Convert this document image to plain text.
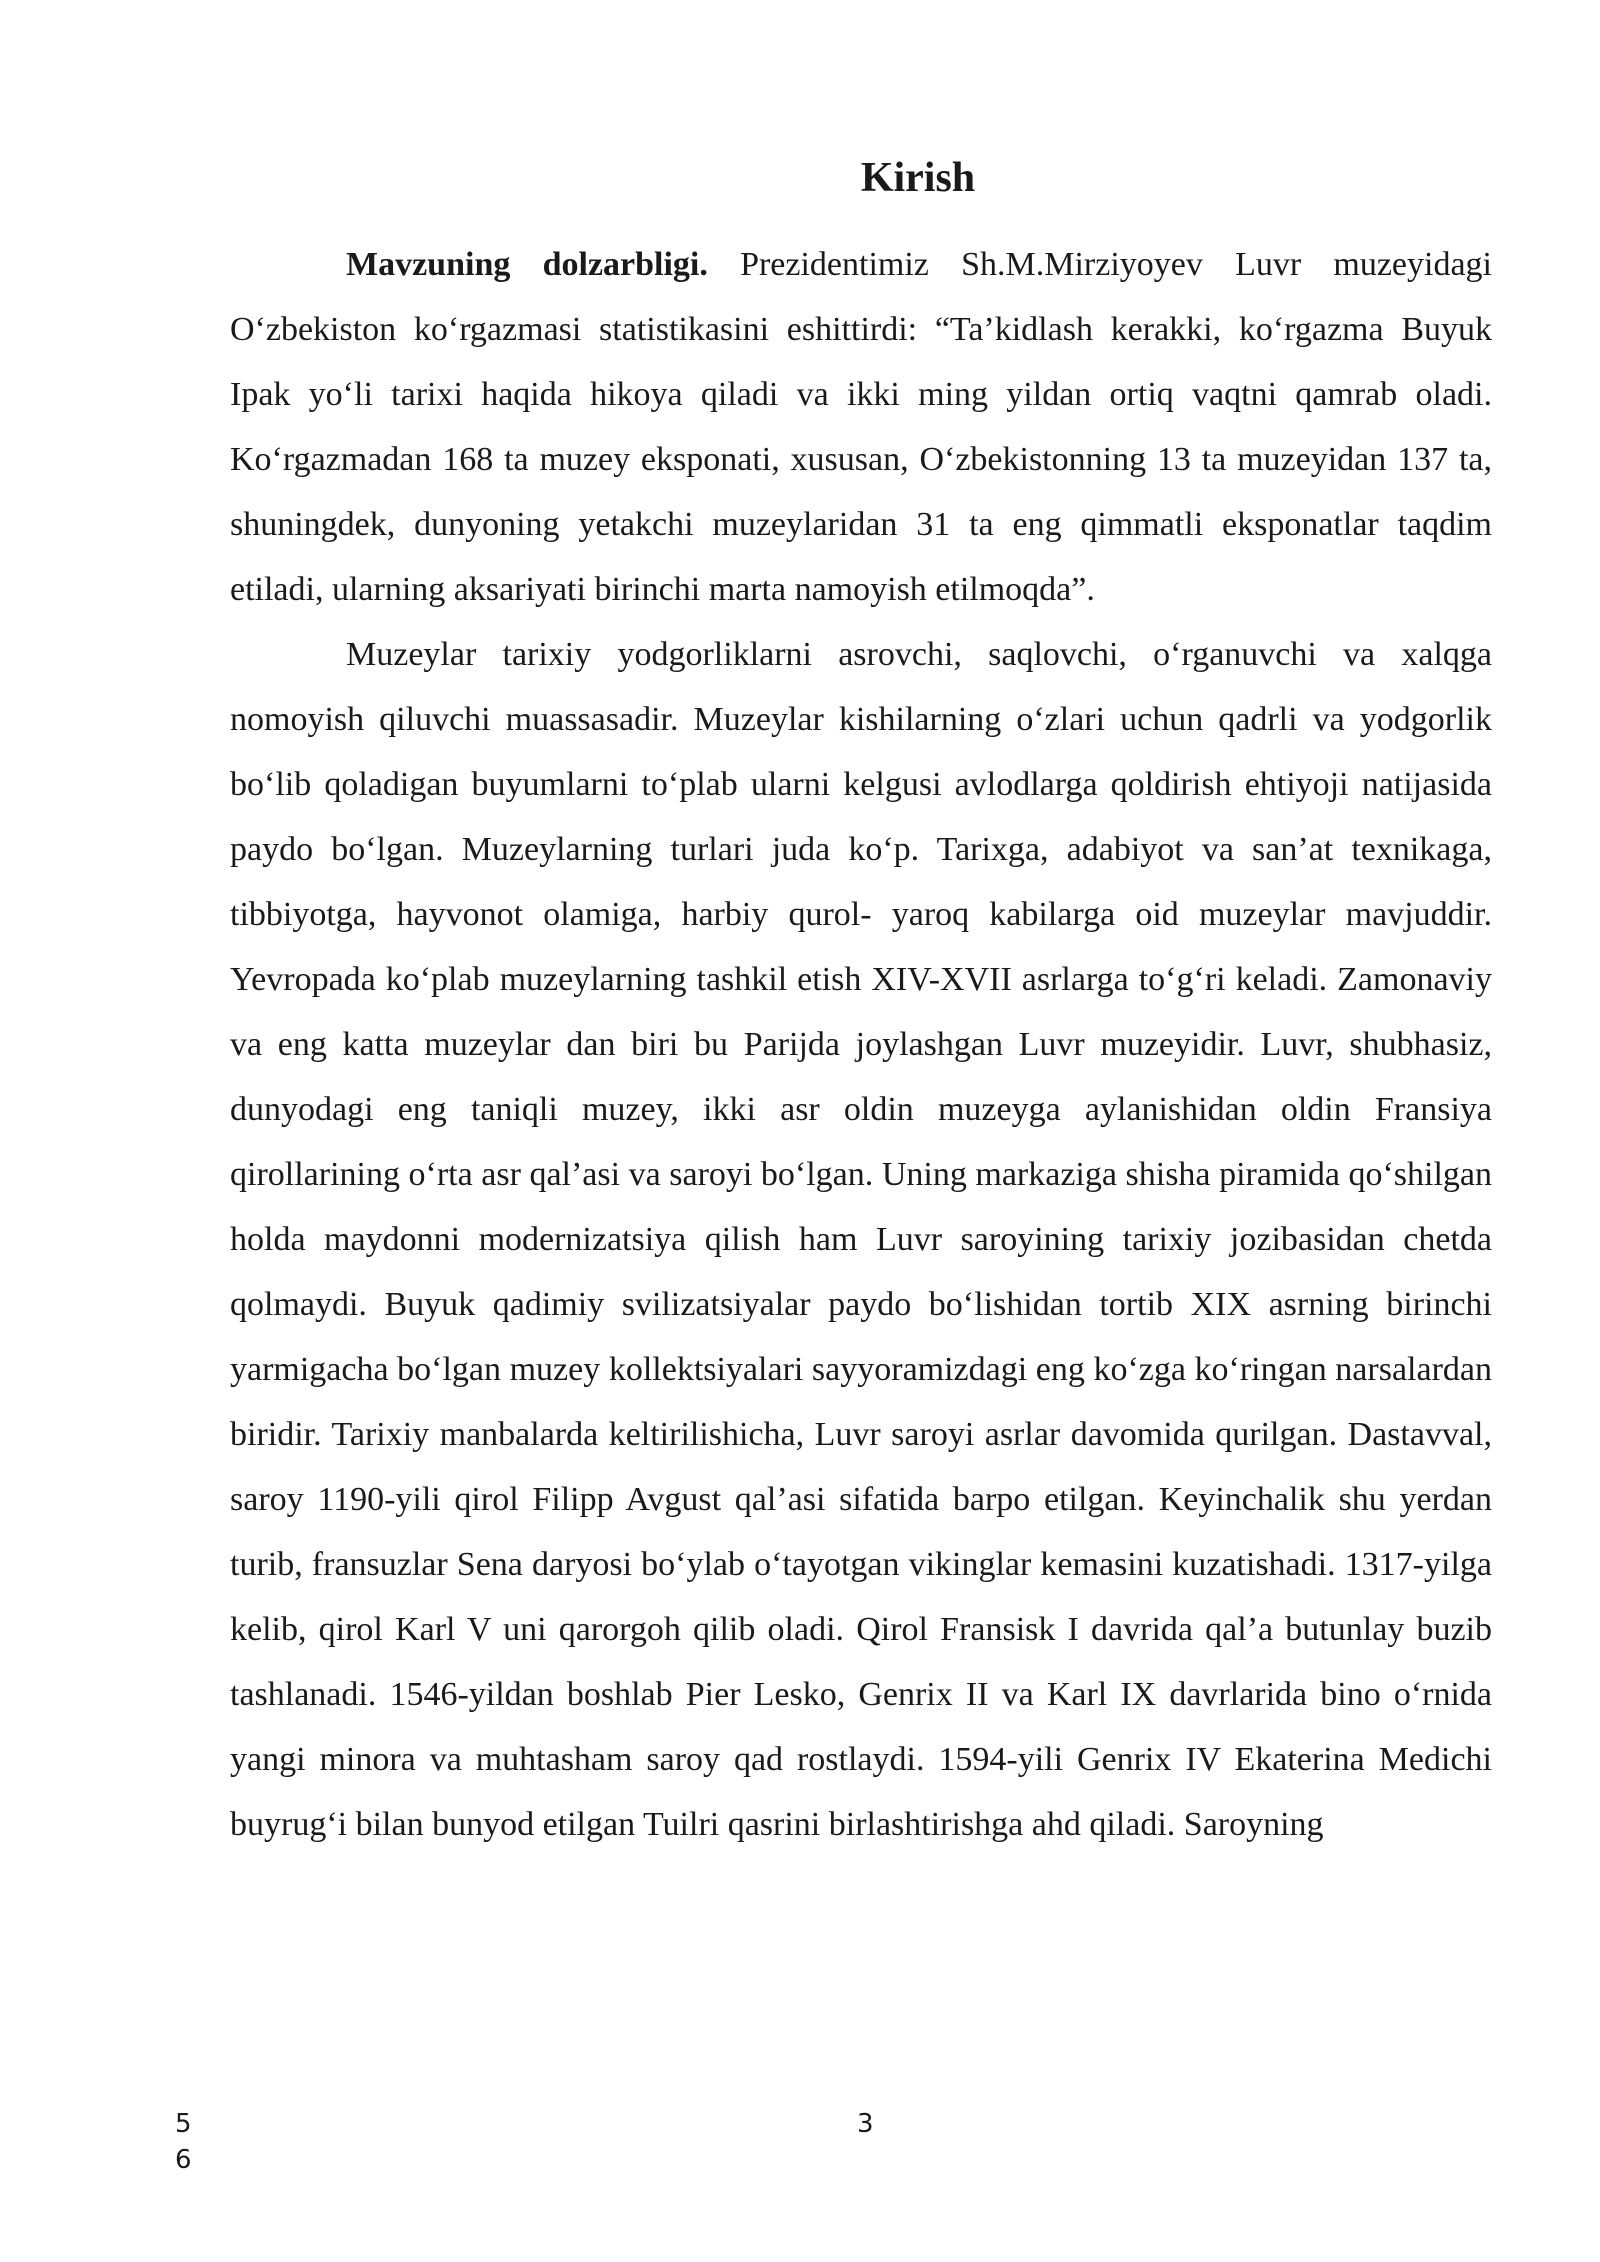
Kirish

Mavzuning dolzarbligi. Prezidentimiz Sh.M.Mirziyoyev Luvr muzeyidagi O‘zbekiston ko‘rgazmasi statistikasini eshittirdi: “Ta’kidlash kerakki, ko‘rgazma Buyuk Ipak yo‘li tarixi haqida hikoya qiladi va ikki ming yildan ortiq vaqtni qamrab oladi. Ko‘rgazmadan 168 ta muzey eksponati, xususan, O‘zbekistonning 13 ta muzeyidan 137 ta, shuningdek, dunyoning yetakchi muzeylaridan 31 ta eng qimmatli eksponatlar taqdim etiladi, ularning aksariyati birinchi marta namoyish etilmoqda”.

Muzeylar tarixiy yodgorliklarni asrovchi, saqlovchi, o‘rganuvchi va xalqga nomoyish qiluvchi muassasadir. Muzeylar kishilarning o‘zlari uchun qadrli va yodgorlik bo‘lib qoladigan buyumlarni to‘plab ularni kelgusi avlodlarga qoldirish ehtiyoji natijasida paydo bo‘lgan. Muzeylarning turlari juda ko‘p. Tarixga, adabiyot va san’at texnikaga, tibbiyotga, hayvonot olamiga, harbiy qurol- yaroq kabilarga oid muzeylar mavjuddir. Yevropada ko‘plab muzeylarning tashkil etish XIV-XVII asrlarga to‘g‘ri keladi. Zamonaviy va eng katta muzeylar dan biri bu Parijda joylashgan Luvr muzeyidir. Luvr, shubhasiz, dunyodagi eng taniqli muzey, ikki asr oldin muzeyga aylanishidan oldin Fransiya qirollarining o‘rta asr qal’asi va saroyi bo‘lgan. Uning markaziga shisha piramida qo‘shilgan holda maydonni modernizatsiya qilish ham Luvr saroyining tarixiy jozibasidan chetda qolmaydi. Buyuk qadimiy svilizatsiyalar paydo bo‘lishidan tortib XIX asrning birinchi yarmigacha bo‘lgan muzey kollektsiyalari sayyoramizdagi eng ko‘zga ko‘ringan narsalardan biridir. Tarixiy manbalarda keltirilishicha, Luvr saroyi asrlar davomida qurilgan. Dastavval, saroy 1190-yili qirol Filipp Avgust qal’asi sifatida barpo etilgan. Keyinchalik shu yerdan turib, fransuzlar Sena daryosi bo‘ylab o‘tayotgan vikinglar kemasini kuzatishadi. 1317-yilga kelib, qirol Karl V uni qarorgoh qilib oladi. Qirol Fransisk I davrida qal’a butunlay buzib tashlanadi. 1546-yildan boshlab Pier Lesko, Genrix II va Karl IX davrlarida bino o‘rnida yangi minora va muhtasham saroy qad rostlaydi. 1594-yili Genrix IV Ekaterina Medichi buyrug‘i bilan bunyod etilgan Tuilri qasrini birlashtirishga ahd qiladi. Saroyning

3
5
6
